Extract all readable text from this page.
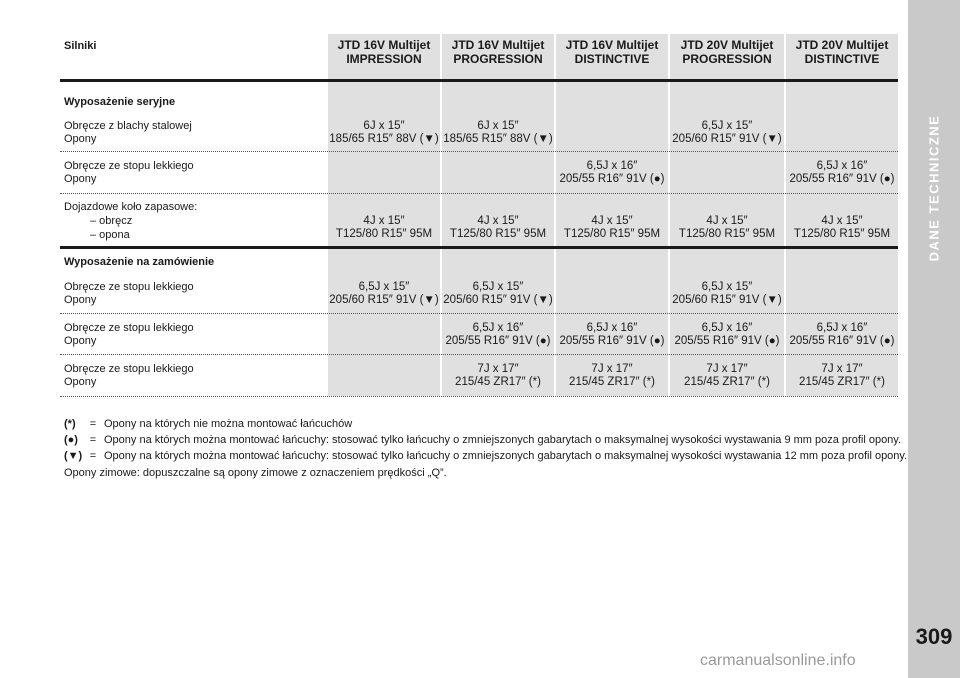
DANE TECHNICZNE
309
carmanualsonline.info
Silniki	JTD 16V Multijet
IMPRESSION
JTD 16V Multijet
PROGRESSION
JTD 16V Multijet
DISTINCTIVE
JTD 20V Multijet
PROGRESSION
JTD 20V Multijet
DISTINCTIVE
Wyposażenie seryjne
Obręcze z blachy stalowej
Opony
6J x 15″
185/65 R15″ 88V (▼)
6J x 15″
185/65 R15″ 88V (▼)
6,5J x 15″
205/60 R15″ 91V (▼)
Obręcze ze stopu lekkiego
Opony
6,5J x 16″
205/55 R16″ 91V (●)
6,5J x 16″
205/55 R16″ 91V (●)
Dojazdowe koło zapasowe:
– obręcz
– opona
4J x 15″
T125/80 R15″ 95M
4J x 15″
T125/80 R15″ 95M
4J x 15″
T125/80 R15″ 95M
4J x 15″
T125/80 R15″ 95M
4J x 15″
T125/80 R15″ 95M
Wyposażenie na zamówienie
Obręcze ze stopu lekkiego
Opony
6,5J x 15″
205/60 R15″ 91V (▼)
6,5J x 15″
205/60 R15″ 91V (▼)
6,5J x 15″
205/60 R15″ 91V (▼)
Obręcze ze stopu lekkiego
Opony
6,5J x 16″
205/55 R16″ 91V (●)
6,5J x 16″
205/55 R16″ 91V (●)
6,5J x 16″
205/55 R16″ 91V (●)
6,5J x 16″
205/55 R16″ 91V (●)
Obręcze ze stopu lekkiego
Opony
7J x 17″
215/45 ZR17″ (*)
7J x 17″
215/45 ZR17″ (*)
7J x 17″
215/45 ZR17″ (*)
7J x 17″
215/45 ZR17″ (*)
(*) = Opony na których nie można montować łańcuchów
(●) = Opony na których można montować łańcuchy: stosować tylko łańcuchy o zmniejszonych gabarytach o maksymalnej wysokości wystawania 9 mm poza profil opony.
(▼) = Opony na których można montować łańcuchy: stosować tylko łańcuchy o zmniejszonych gabarytach o maksymalnej wysokości wystawania 12 mm poza profil opony.
Opony zimowe: dopuszczalne są opony zimowe z oznaczeniem prędkości „Q”.
